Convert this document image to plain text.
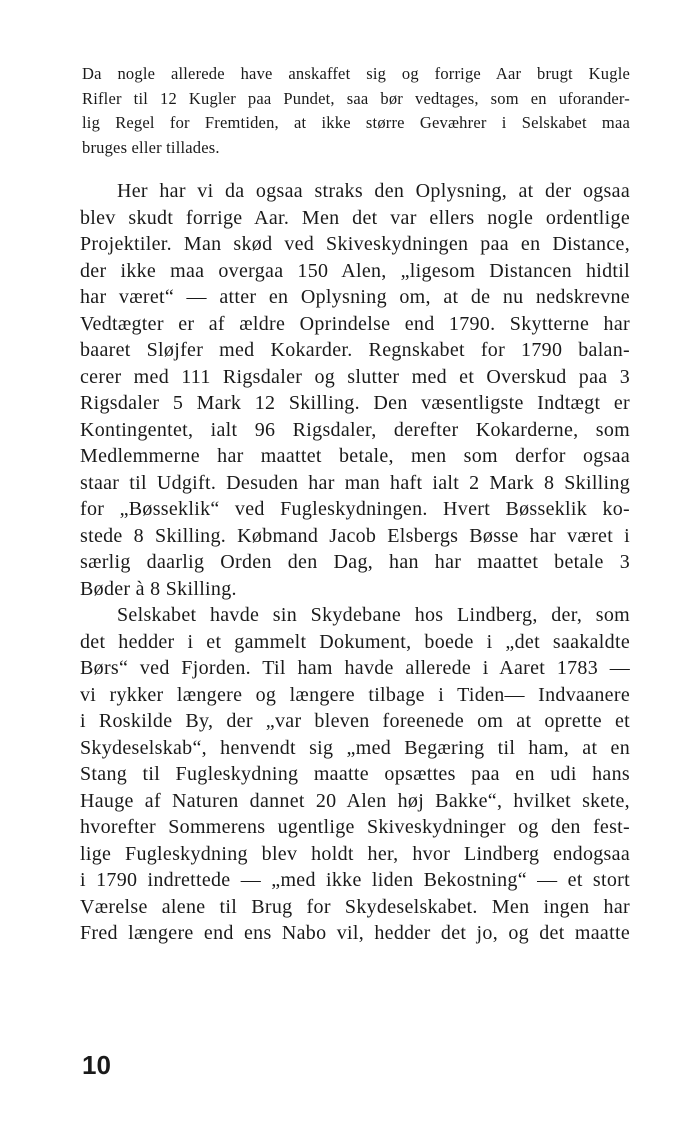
Da nogle allerede have anskaffet sig og forrige Aar brugt Kugle
Rifler til 12 Kugler paa Pundet, saa bør vedtages, som en uforander-
lig Regel for Fremtiden, at ikke større Gevæhrer i Selskabet maa
bruges eller tillades.
Her har vi da ogsaa straks den Oplysning, at der ogsaa
blev skudt forrige Aar. Men det var ellers nogle ordentlige
Projektiler. Man skød ved Skiveskydningen paa en Distance,
der ikke maa overgaa 150 Alen, „ligesom Distancen hidtil
har været“ — atter en Oplysning om, at de nu nedskrevne
Vedtægter er af ældre Oprindelse end 1790. Skytterne har
baaret Sløjfer med Kokarder. Regnskabet for 1790 balan-
cerer med 111 Rigsdaler og slutter med et Overskud paa 3
Rigsdaler 5 Mark 12 Skilling. Den væsentligste Indtægt er
Kontingentet, ialt 96 Rigsdaler, derefter Kokarderne, som
Medlemmerne har maattet betale, men som derfor ogsaa
staar til Udgift. Desuden har man haft ialt 2 Mark 8 Skilling
for „Bøsseklik“ ved Fugleskydningen. Hvert Bøsseklik ko-
stede 8 Skilling. Købmand Jacob Elsbergs Bøsse har været i
særlig daarlig Orden den Dag, han har maattet betale 3
Bøder à 8 Skilling.
Selskabet havde sin Skydebane hos Lindberg, der, som
det hedder i et gammelt Dokument, boede i „det saakaldte
Børs“ ved Fjorden. Til ham havde allerede i Aaret 1783 —
vi rykker længere og længere tilbage i Tiden— Indvaanere
i Roskilde By, der „var bleven foreenede om at oprette et
Skydeselskab“, henvendt sig „med Begæring til ham, at en
Stang til Fugleskydning maatte opsættes paa en udi hans
Hauge af Naturen dannet 20 Alen høj Bakke“, hvilket skete,
hvorefter Sommerens ugentlige Skiveskydninger og den fest-
lige Fugleskydning blev holdt her, hvor Lindberg endogsaa
i 1790 indrettede — „med ikke liden Bekostning“ — et stort
Værelse alene til Brug for Skydeselskabet. Men ingen har
Fred længere end ens Nabo vil, hedder det jo, og det maatte
10
